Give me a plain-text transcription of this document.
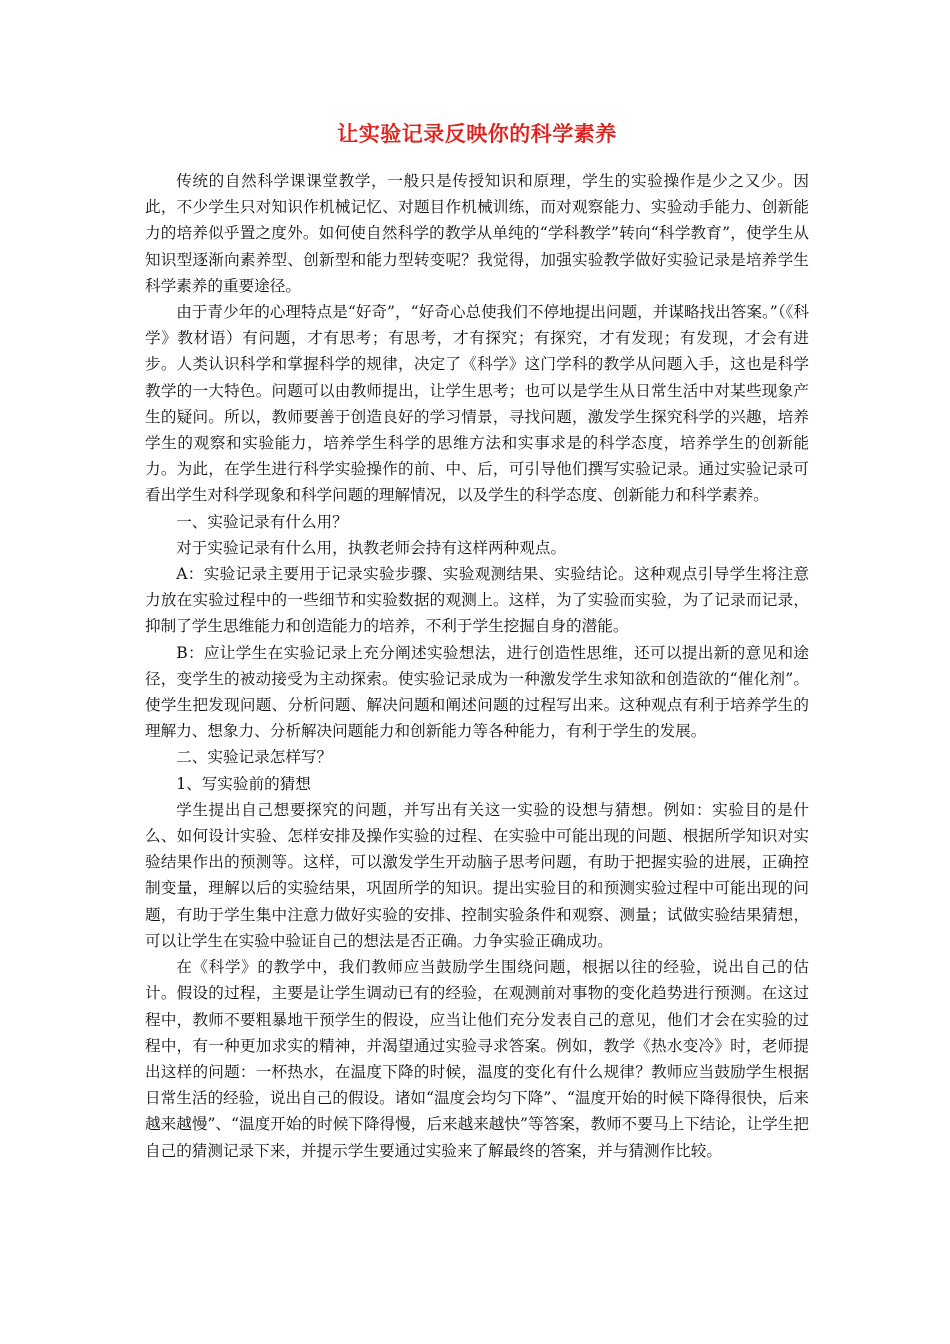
让实验记录反映你的科学素养

传统的自然科学课课堂教学，一般只是传授知识和原理，学生的实验操作是少之又少。因此，不少学生只对知识作机械记忆、对题目作机械训练，而对观察能力、实验动手能力、创新能力的培养似乎置之度外。如何使自然科学的教学从单纯的“学科教学”转向“科学教育”，使学生从知识型逐渐向素养型、创新型和能力型转变呢？我觉得，加强实验教学做好实验记录是培养学生科学素养的重要途径。

由于青少年的心理特点是“好奇”，“好奇心总使我们不停地提出问题，并谋略找出答案。”（《科学》教材语）有问题，才有思考；有思考，才有探究；有探究，才有发现；有发现，才会有进步。人类认识科学和掌握科学的规律，决定了《科学》这门学科的教学从问题入手，这也是科学教学的一大特色。问题可以由教师提出，让学生思考；也可以是学生从日常生活中对某些现象产生的疑问。所以，教师要善于创造良好的学习情景，寻找问题，激发学生探究科学的兴趣，培养学生的观察和实验能力，培养学生科学的思维方法和实事求是的科学态度，培养学生的创新能力。为此，在学生进行科学实验操作的前、中、后，可引导他们撰写实验记录。通过实验记录可看出学生对科学现象和科学问题的理解情况，以及学生的科学态度、创新能力和科学素养。

一、实验记录有什么用？

对于实验记录有什么用，执教老师会持有这样两种观点。

A：实验记录主要用于记录实验步骤、实验观测结果、实验结论。这种观点引导学生将注意力放在实验过程中的一些细节和实验数据的观测上。这样，为了实验而实验，为了记录而记录，抑制了学生思维能力和创造能力的培养，不利于学生挖掘自身的潜能。

B：应让学生在实验记录上充分阐述实验想法，进行创造性思维，还可以提出新的意见和途径，变学生的被动接受为主动探索。使实验记录成为一种激发学生求知欲和创造欲的“催化剂”。使学生把发现问题、分析问题、解决问题和阐述问题的过程写出来。这种观点有利于培养学生的理解力、想象力、分析解决问题能力和创新能力等各种能力，有利于学生的发展。

二、实验记录怎样写？

1、写实验前的猜想

学生提出自己想要探究的问题，并写出有关这一实验的设想与猜想。例如：实验目的是什么、如何设计实验、怎样安排及操作实验的过程、在实验中可能出现的问题、根据所学知识对实验结果作出的预测等。这样，可以激发学生开动脑子思考问题，有助于把握实验的进展，正确控制变量，理解以后的实验结果，巩固所学的知识。提出实验目的和预测实验过程中可能出现的问题，有助于学生集中注意力做好实验的安排、控制实验条件和观察、测量；试做实验结果猜想，可以让学生在实验中验证自己的想法是否正确。力争实验正确成功。

在《科学》的教学中，我们教师应当鼓励学生围绕问题，根据以往的经验，说出自己的估计。假设的过程，主要是让学生调动已有的经验，在观测前对事物的变化趋势进行预测。在这过程中，教师不要粗暴地干预学生的假设，应当让他们充分发表自己的意见，他们才会在实验的过程中，有一种更加求实的精神，并渴望通过实验寻求答案。例如，教学《热水变冷》时，老师提出这样的问题：一杯热水，在温度下降的时候，温度的变化有什么规律？教师应当鼓励学生根据日常生活的经验，说出自己的假设。诸如“温度会均匀下降”、“温度开始的时候下降得很快，后来越来越慢”、“温度开始的时候下降得慢，后来越来越快”等答案，教师不要马上下结论，让学生把自己的猜测记录下来，并提示学生要通过实验来了解最终的答案，并与猜测作比较。
